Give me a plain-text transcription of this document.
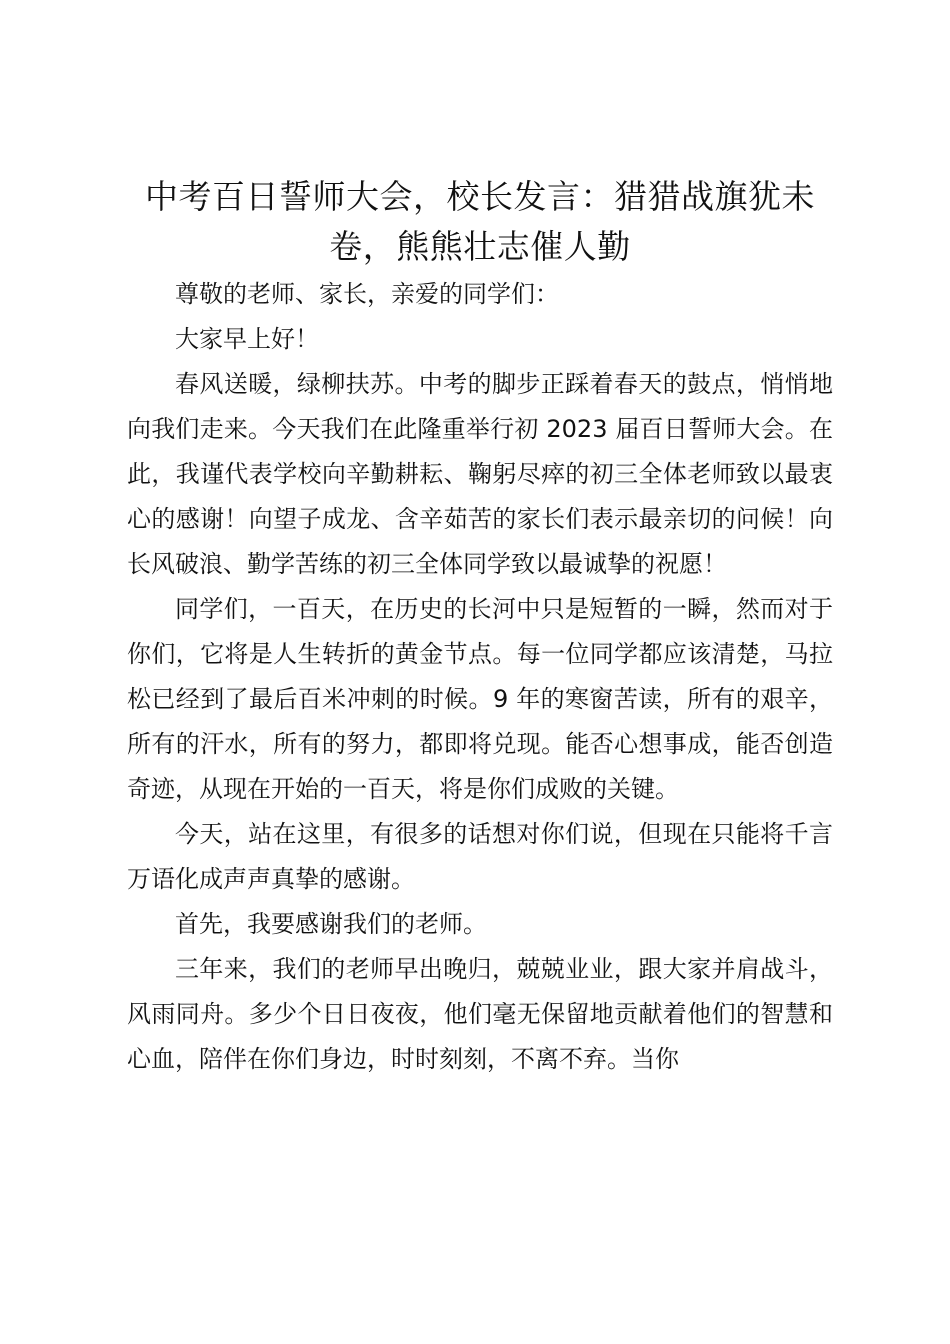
中考百日誓师大会，校长发言：猎猎战旗犹未卷，熊熊壮志催人勤

尊敬的老师、家长，亲爱的同学们：

大家早上好！

春风送暖，绿柳扶苏。中考的脚步正踩着春天的鼓点，悄悄地向我们走来。今天我们在此隆重举行初 2023 届百日誓师大会。在此，我谨代表学校向辛勤耕耘、鞠躬尽瘁的初三全体老师致以最衷心的感谢！向望子成龙、含辛茹苦的家长们表示最亲切的问候！向长风破浪、勤学苦练的初三全体同学致以最诚挚的祝愿！

同学们，一百天，在历史的长河中只是短暂的一瞬，然而对于你们，它将是人生转折的黄金节点。每一位同学都应该清楚，马拉松已经到了最后百米冲刺的时候。9 年的寒窗苦读，所有的艰辛，所有的汗水，所有的努力，都即将兑现。能否心想事成，能否创造奇迹，从现在开始的一百天，将是你们成败的关键。

今天，站在这里，有很多的话想对你们说，但现在只能将千言万语化成声声真挚的感谢。

首先，我要感谢我们的老师。

三年来，我们的老师早出晚归，兢兢业业，跟大家并肩战斗，风雨同舟。多少个日日夜夜，他们毫无保留地贡献着他们的智慧和心血，陪伴在你们身边，时时刻刻，不离不弃。当你
